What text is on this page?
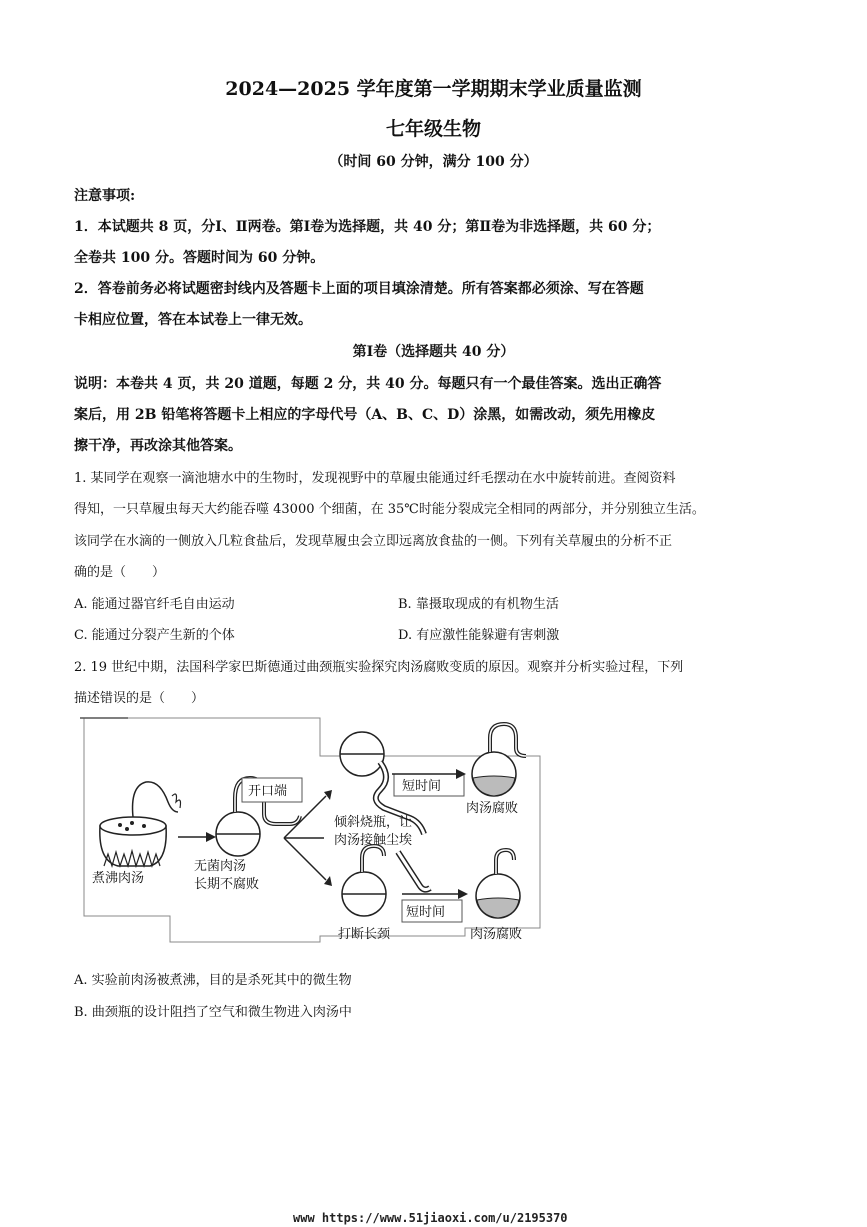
2024—2025 学年度第一学期期末学业质量监测
七年级生物
（时间 60 分钟，满分 100 分）
注意事项:
1．本试题共 8 页，分Ⅰ、Ⅱ两卷。第Ⅰ卷为选择题，共 40 分；第Ⅱ卷为非选择题，共 60 分；
全卷共 100 分。答题时间为 60 分钟。
2．答卷前务必将试题密封线内及答题卡上面的项目填涂清楚。所有答案都必须涂、写在答题
卡相应位置，答在本试卷上一律无效。
第Ⅰ卷（选择题共 40 分）
说明：本卷共 4 页，共 20 道题，每题 2 分，共 40 分。每题只有一个最佳答案。选出正确答
案后，用 2B 铅笔将答题卡上相应的字母代号（A、B、C、D）涂黑，如需改动，须先用橡皮
擦干净，再改涂其他答案。
1. 某同学在观察一滴池塘水中的生物时，发现视野中的草履虫能通过纤毛摆动在水中旋转前进。查阅资料
得知，一只草履虫每天大约能吞噬 43000 个细菌，在 35℃时能分裂成完全相同的两部分，并分别独立生活。
该同学在水滴的一侧放入几粒食盐后，发现草履虫会立即远离放食盐的一侧。下列有关草履虫的分析不正
确的是（　　）
A. 能通过器官纤毛自由运动	B. 靠摄取现成的有机物生活
C. 能通过分裂产生新的个体	D. 有应激性能躲避有害刺激
2. 19 世纪中期，法国科学家巴斯德通过曲颈瓶实验探究肉汤腐败变质的原因。观察并分析实验过程，下列
描述错误的是（　　）
煮沸肉汤
开口端
无菌肉汤
长期不腐败
倾斜烧瓶，让
肉汤接触尘埃
短时间
肉汤腐败
打断长颈
短时间
肉汤腐败
A. 实验前肉汤被煮沸，目的是杀死其中的微生物
B. 曲颈瓶的设计阻挡了空气和微生物进入肉汤中
www https://www.51jiaoxi.com/u/2195370
